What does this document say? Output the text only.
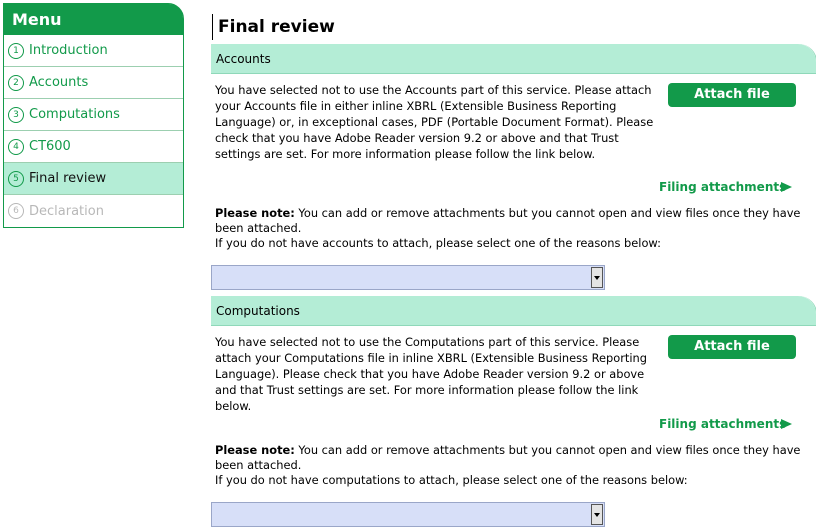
Menu
1 Introduction
2 Accounts
3 Computations
4 CT600
5 Final review
6 Declaration
Final review
Accounts
You have selected not to use the Accounts part of this service. Please attach your Accounts file in either inline XBRL (Extensible Business Reporting Language) or, in exceptional cases, PDF (Portable Document Format). Please check that you have Adobe Reader version 9.2 or above and that Trust settings are set. For more information please follow the link below.
Attach file
Filing attachments
Please note: You can add or remove attachments but you cannot open and view files once they have been attached.
If you do not have accounts to attach, please select one of the reasons below:
Computations
You have selected not to use the Computations part of this service. Please attach your Computations file in inline XBRL (Extensible Business Reporting Language). Please check that you have Adobe Reader version 9.2 or above and that Trust settings are set. For more information please follow the link below.
Attach file
Filing attachments
Please note: You can add or remove attachments but you cannot open and view files once they have been attached.
If you do not have computations to attach, please select one of the reasons below:
